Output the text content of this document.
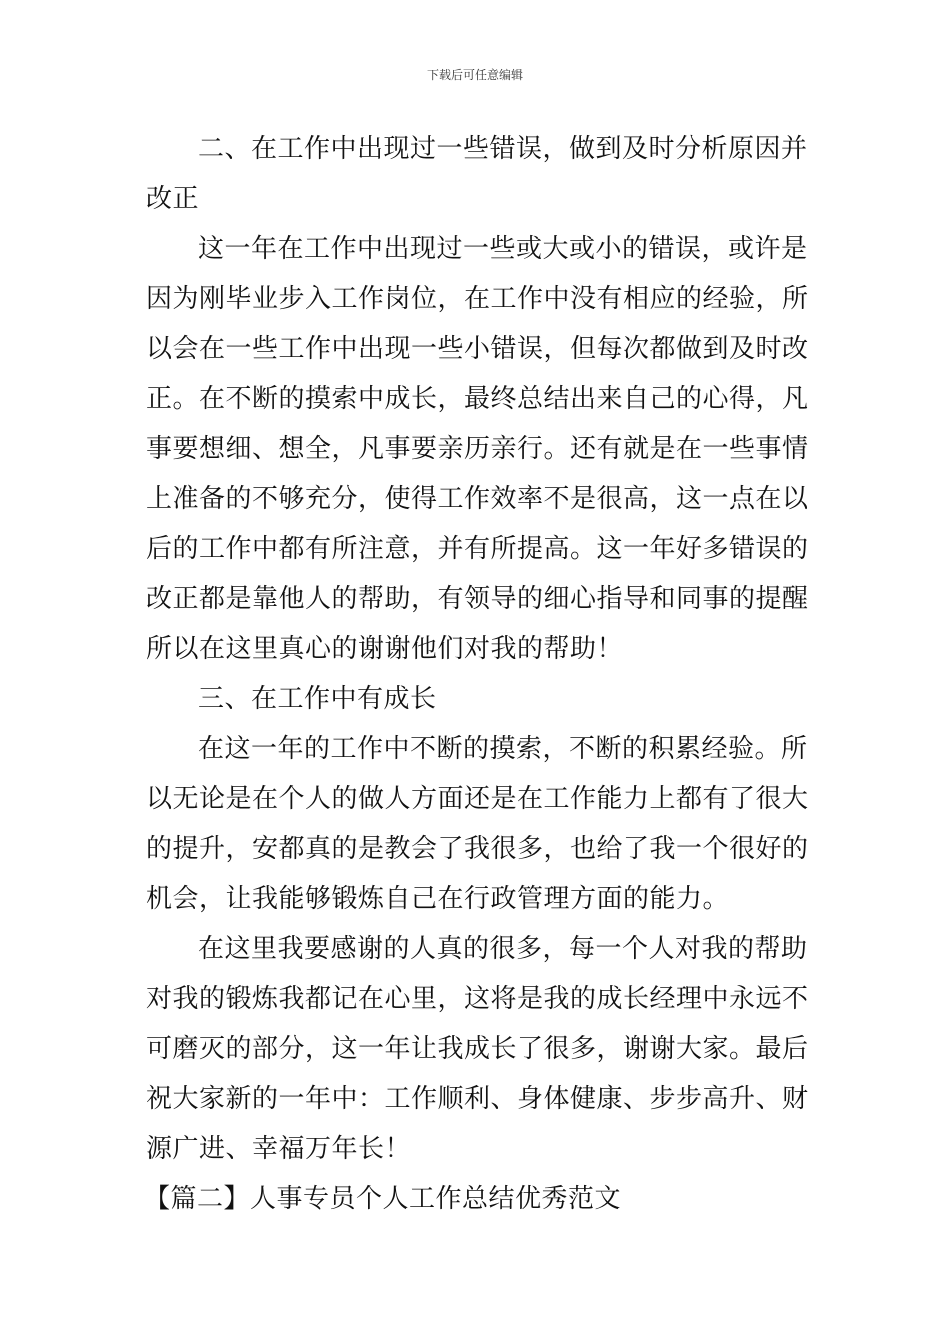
下载后可任意编辑
二、在工作中出现过一些错误，做到及时分析原因并
改正
这一年在工作中出现过一些或大或小的错误，或许是
因为刚毕业步入工作岗位，在工作中没有相应的经验，所
以会在一些工作中出现一些小错误，但每次都做到及时改
正。在不断的摸索中成长，最终总结出来自己的心得，凡
事要想细、想全，凡事要亲历亲行。还有就是在一些事情
上准备的不够充分，使得工作效率不是很高，这一点在以
后的工作中都有所注意，并有所提高。这一年好多错误的
改正都是靠他人的帮助，有领导的细心指导和同事的提醒
所以在这里真心的谢谢他们对我的帮助！
三、在工作中有成长
在这一年的工作中不断的摸索，不断的积累经验。所
以无论是在个人的做人方面还是在工作能力上都有了很大
的提升，安都真的是教会了我很多，也给了我一个很好的
机会，让我能够锻炼自己在行政管理方面的能力。
在这里我要感谢的人真的很多，每一个人对我的帮助
对我的锻炼我都记在心里，这将是我的成长经理中永远不
可磨灭的部分，这一年让我成长了很多，谢谢大家。最后
祝大家新的一年中：工作顺利、身体健康、步步高升、财
源广进、幸福万年长！
【篇二】人事专员个人工作总结优秀范文
